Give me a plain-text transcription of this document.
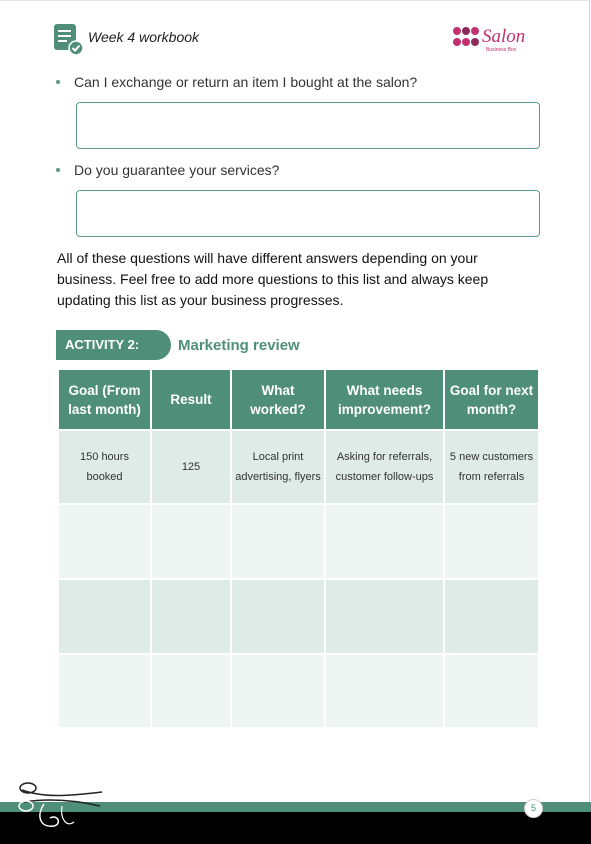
Week 4 workbook	Salon
Business Box
Can I exchange or return an item I bought at the salon?
Do you guarantee your services?
All of these questions will have different answers depending on your business. Feel free to add more questions to this list and always keep updating this list as your business progresses.
ACTIVITY 2:	Marketing review
Goal (From last month)	Result	What worked?	What needs improvement?	Goal for next month?
150 hours booked	125	Local print advertising, flyers	Asking for referrals, customer follow-ups	5 new customers from referrals

5
